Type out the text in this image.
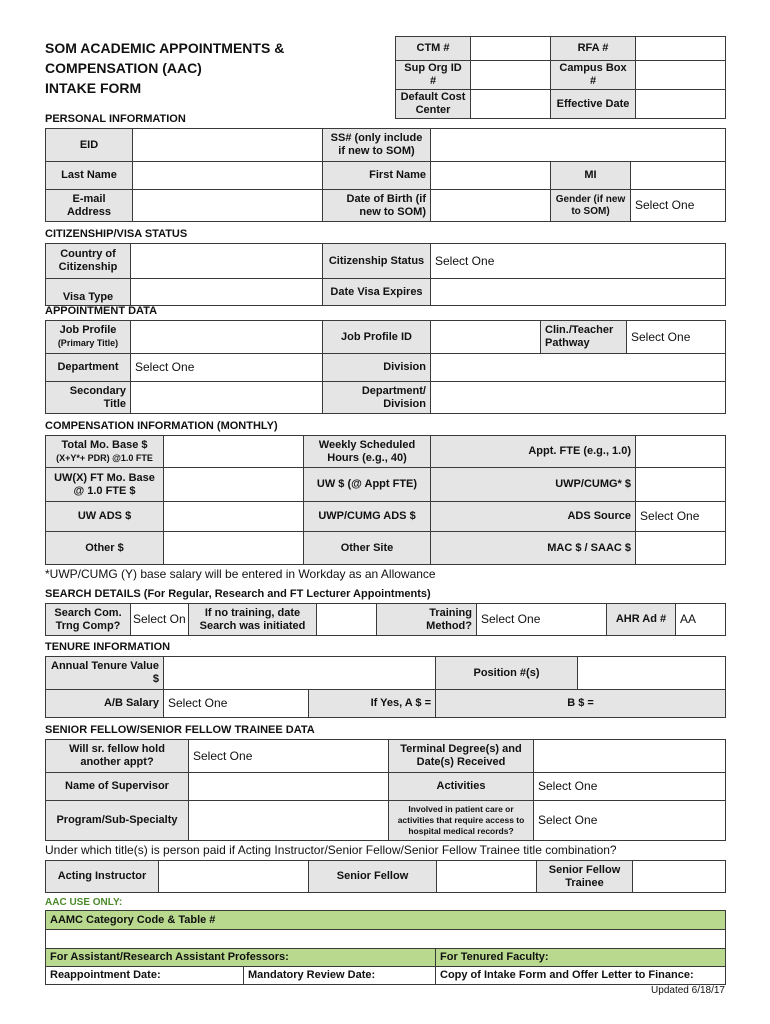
SOM ACADEMIC APPOINTMENTS & COMPENSATION (AAC)
INTAKE FORM
CTM #		RFA #	
Sup Org ID #		Campus Box #	
Default Cost Center		Effective Date	
PERSONAL INFORMATION
EID		SS# (only include if new to SOM)			
Last Name		First Name		MI	
E-mail Address		Date of Birth (if new to SOM)		Gender (if new to SOM)	Select One
CITIZENSHIP/VISA STATUS
Country of Citizenship		Citizenship Status	Select One
Visa Type		Date Visa Expires	
APPOINTMENT DATA
Job Profile
(Primary Title)		Job Profile ID		Clin./Teacher Pathway	Select One
Department	Select One	Division			
Secondary Title		Department/ Division			
COMPENSATION INFORMATION (MONTHLY)
Total Mo. Base $
(X+Y*+ PDR) @1.0 FTE		Weekly Scheduled Hours (e.g., 40)	Appt. FTE (e.g., 1.0)	
UW(X) FT Mo. Base @ 1.0 FTE $		UW $ (@ Appt FTE)	UWP/CUMG* $	
UW ADS $		UWP/CUMG ADS $	ADS Source	Select One
Other $		Other Site	MAC $ / SAAC $	
*UWP/CUMG (Y) base salary will be entered in Workday as an Allowance
SEARCH DETAILS (For Regular, Research and FT Lecturer Appointments)
Search Com. Trng Comp?	Select On	If no training, date Search was initiated		Training Method?	Select One	AHR Ad #	AA
TENURE INFORMATION
Annual Tenure Value $			Position #(s)	
A/B Salary	Select One	If Yes, A $ =	B $ =	
SENIOR FELLOW/SENIOR FELLOW TRAINEE DATA
Will sr. fellow hold another appt?	Select One	Terminal Degree(s) and Date(s) Received	
Name of Supervisor		Activities	Select One
Program/Sub-Specialty		Involved in patient care or activities that require access to hospital medical records?	Select One
Under which title(s) is person paid if Acting Instructor/Senior Fellow/Senior Fellow Trainee title combination?
Acting Instructor		Senior Fellow		Senior Fellow Trainee	
AAC USE ONLY:
AAMC Category Code & Table #		

For Assistant/Research Assistant Professors:		For Tenured Faculty:
Reappointment Date:	Mandatory Review Date:	Copy of Intake Form and Offer Letter to Finance:
Updated 6/18/17
